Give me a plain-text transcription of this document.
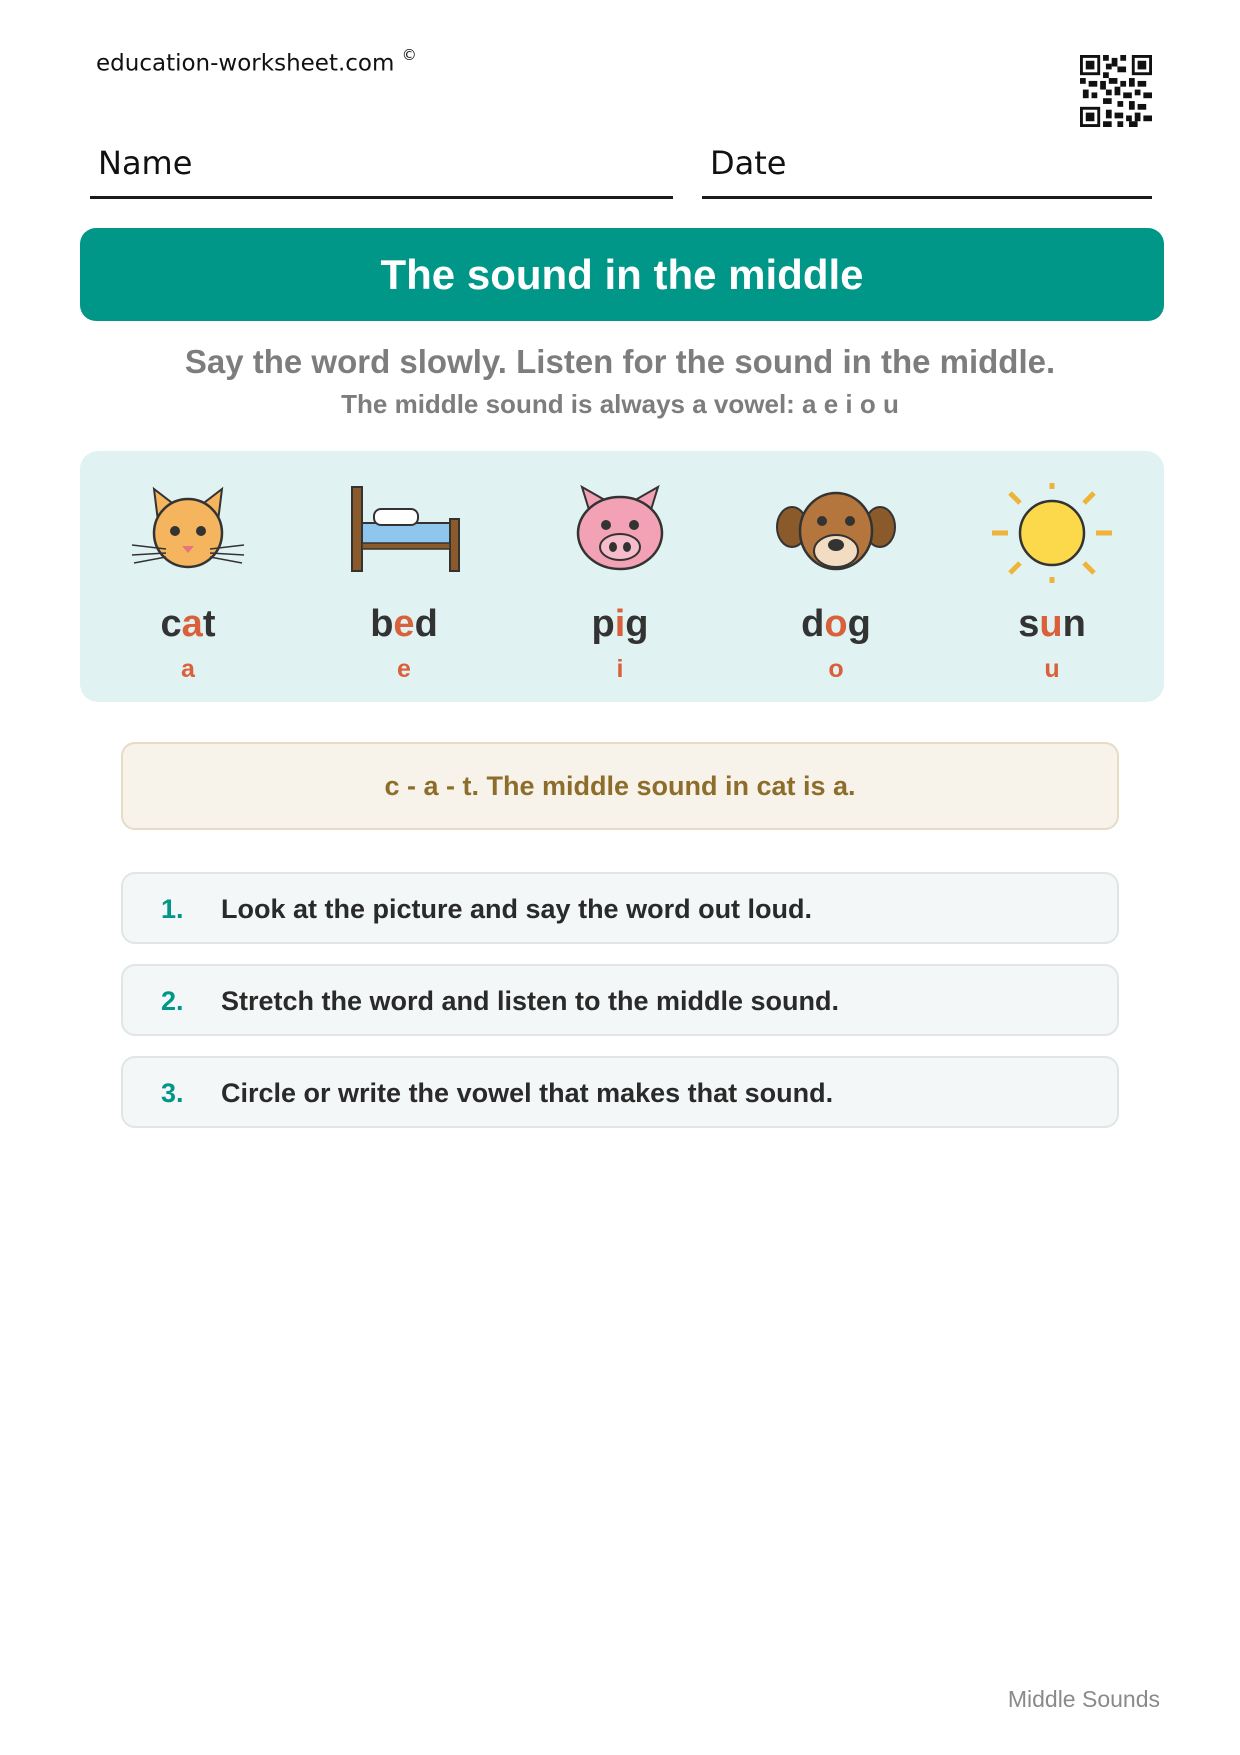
education-worksheet.com ©
Name	Date
The sound in the middle
Say the word slowly. Listen for the sound in the middle.
The middle sound is always a vowel: a e i o u
cat
a
bed
e
pig
i
dog
o
sun
u
c - a - t. The middle sound in cat is a.
1. Look at the picture and say the word out loud.
2. Stretch the word and listen to the middle sound.
3. Circle or write the vowel that makes that sound.
Middle Sounds
